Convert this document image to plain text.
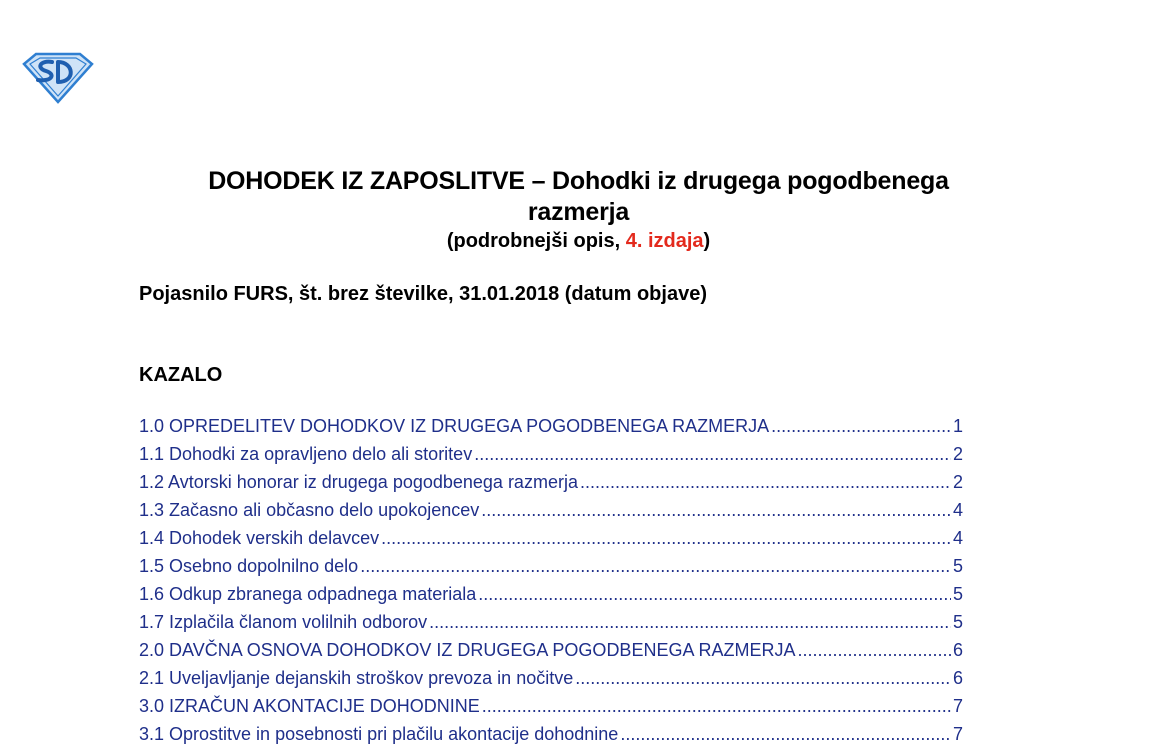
DOHODEK IZ ZAPOSLITVE – Dohodki iz drugega pogodbenega
razmerja
(podrobnejši opis, 4. izdaja)
Pojasnilo FURS, št. brez številke, 31.01.2018 (datum objave)
KAZALO
1.0 OPREDELITEV DOHODKOV IZ DRUGEGA POGODBENEGA RAZMERJA .....	1
1.1 Dohodki za opravljeno delo ali storitev .....	2
1.2 Avtorski honorar iz drugega pogodbenega razmerja .....	2
1.3 Začasno ali občasno delo upokojencev .....	4
1.4 Dohodek verskih delavcev .....	4
1.5 Osebno dopolnilno delo .....	5
1.6 Odkup zbranega odpadnega materiala .....	5
1.7 Izplačila članom volilnih odborov .....	5
2.0 DAVČNA OSNOVA DOHODKOV IZ DRUGEGA POGODBENEGA RAZMERJA .....	6
2.1 Uveljavljanje dejanskih stroškov prevoza in nočitve .....	6
3.0 IZRAČUN AKONTACIJE DOHODNINE .....	7
3.1 Oprostitve in posebnosti pri plačilu akontacije dohodnine .....	7
